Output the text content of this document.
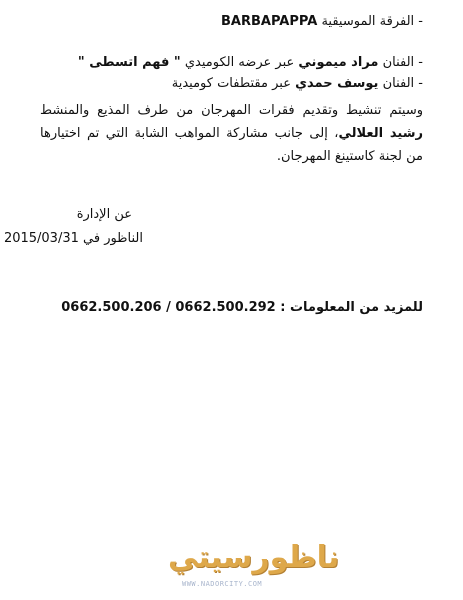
- الفرقة الموسيقية BARBAPAPPA
- الفنان مراد ميموني عبر عرضه الكوميدي " فهم اتسطى "
- الفنان يوسف حمدي عبر مقتطفات كوميدية
وسيتم تنشيط وتقديم فقرات المهرجان من طرف المذيع والمنشط رشيد العلالي، إلى جانب مشاركة المواهب الشابة التي تم اختيارها من لجنة كاستينغ المهرجان.
عن الإدارة
الناظور في 2015/03/31
للمزيد من المعلومات : 0662.500.206 / 0662.500.292
ناظورسيتي
WWW.NADORCITY.COM
